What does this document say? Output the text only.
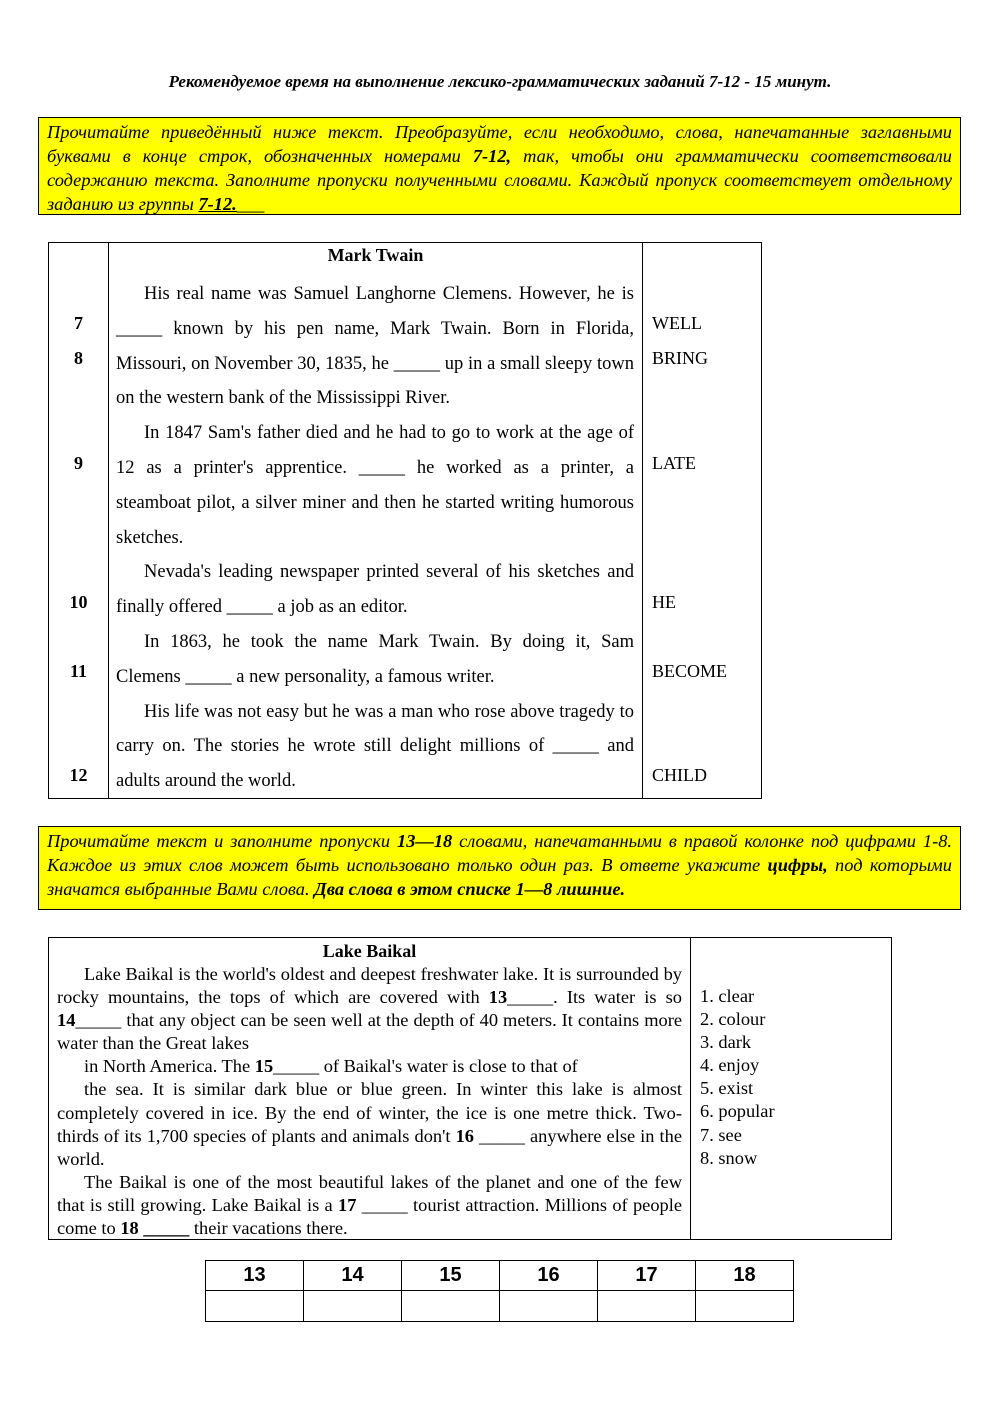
Рекомендуемое время на выполнение лексико-грамматических заданий 7-12 - 15 минут.
Прочитайте приведённый ниже текст. Преобразуйте, если необходимо, слова, напечатанные заглавными буквами в конце строк, обозначенных номерами 7-12, так, чтобы они грамматически соответствовали содержанию текста. Заполните пропуски полученными словами. Каждый пропуск соответствует отдельному заданию из группы 7-12.___
Mark Twain

His real name was Samuel Langhorne Clemens. However, he is _____ known by his pen name, Mark Twain. Born in Florida, Missouri, on November 30, 1835, he _____ up in a small sleepy town on the western bank of the Mississippi River.

In 1847 Sam's father died and he had to go to work at the age of 12 as a printer's apprentice. _____ he worked as a printer, a steamboat pilot, a silver miner and then he started writing humorous sketches.

Nevada's leading newspaper printed several of his sketches and finally offered _____ a job as an editor.

In 1863, he took the name Mark Twain. By doing it, Sam Clemens _____ a new personality, a famous writer.

His life was not easy but he was a man who rose above tragedy to carry on. The stories he wrote still delight millions of _____ and adults around the world.

7	WELL
8	BRING
9	LATE
10	HE
11	BECOME
12	CHILD
Прочитайте текст и заполните пропуски 13—18 словами, напечатанными в правой колонке под цифрами 1-8. Каждое из этих слов может быть использовано только один раз. В ответе укажите цифры, под которыми значатся выбранные Вами слова. Два слова в этом списке 1—8 лишние.
Lake Baikal

Lake Baikal is the world's oldest and deepest freshwater lake. It is surrounded by rocky mountains, the tops of which are covered with 13_____. Its water is so 14_____ that any object can be seen well at the depth of 40 meters. It contains more water than the Great lakes

in North America. The 15_____ of Baikal's water is close to that of

the sea. It is similar dark blue or blue green. In winter this lake is almost completely covered in ice. By the end of winter, the ice is one metre thick. Two-thirds of its 1,700 species of plants and animals don't 16 _____ anywhere else in the world.

The Baikal is one of the most beautiful lakes of the planet and one of the few that is still growing. Lake Baikal is a 17 _____ tourist attraction. Millions of people come to 18 _____ their vacations there.

1. clear
2. colour
3. dark
4. enjoy
5. exist
6. popular
7. see
8. snow
13	14	15	16	17	18
